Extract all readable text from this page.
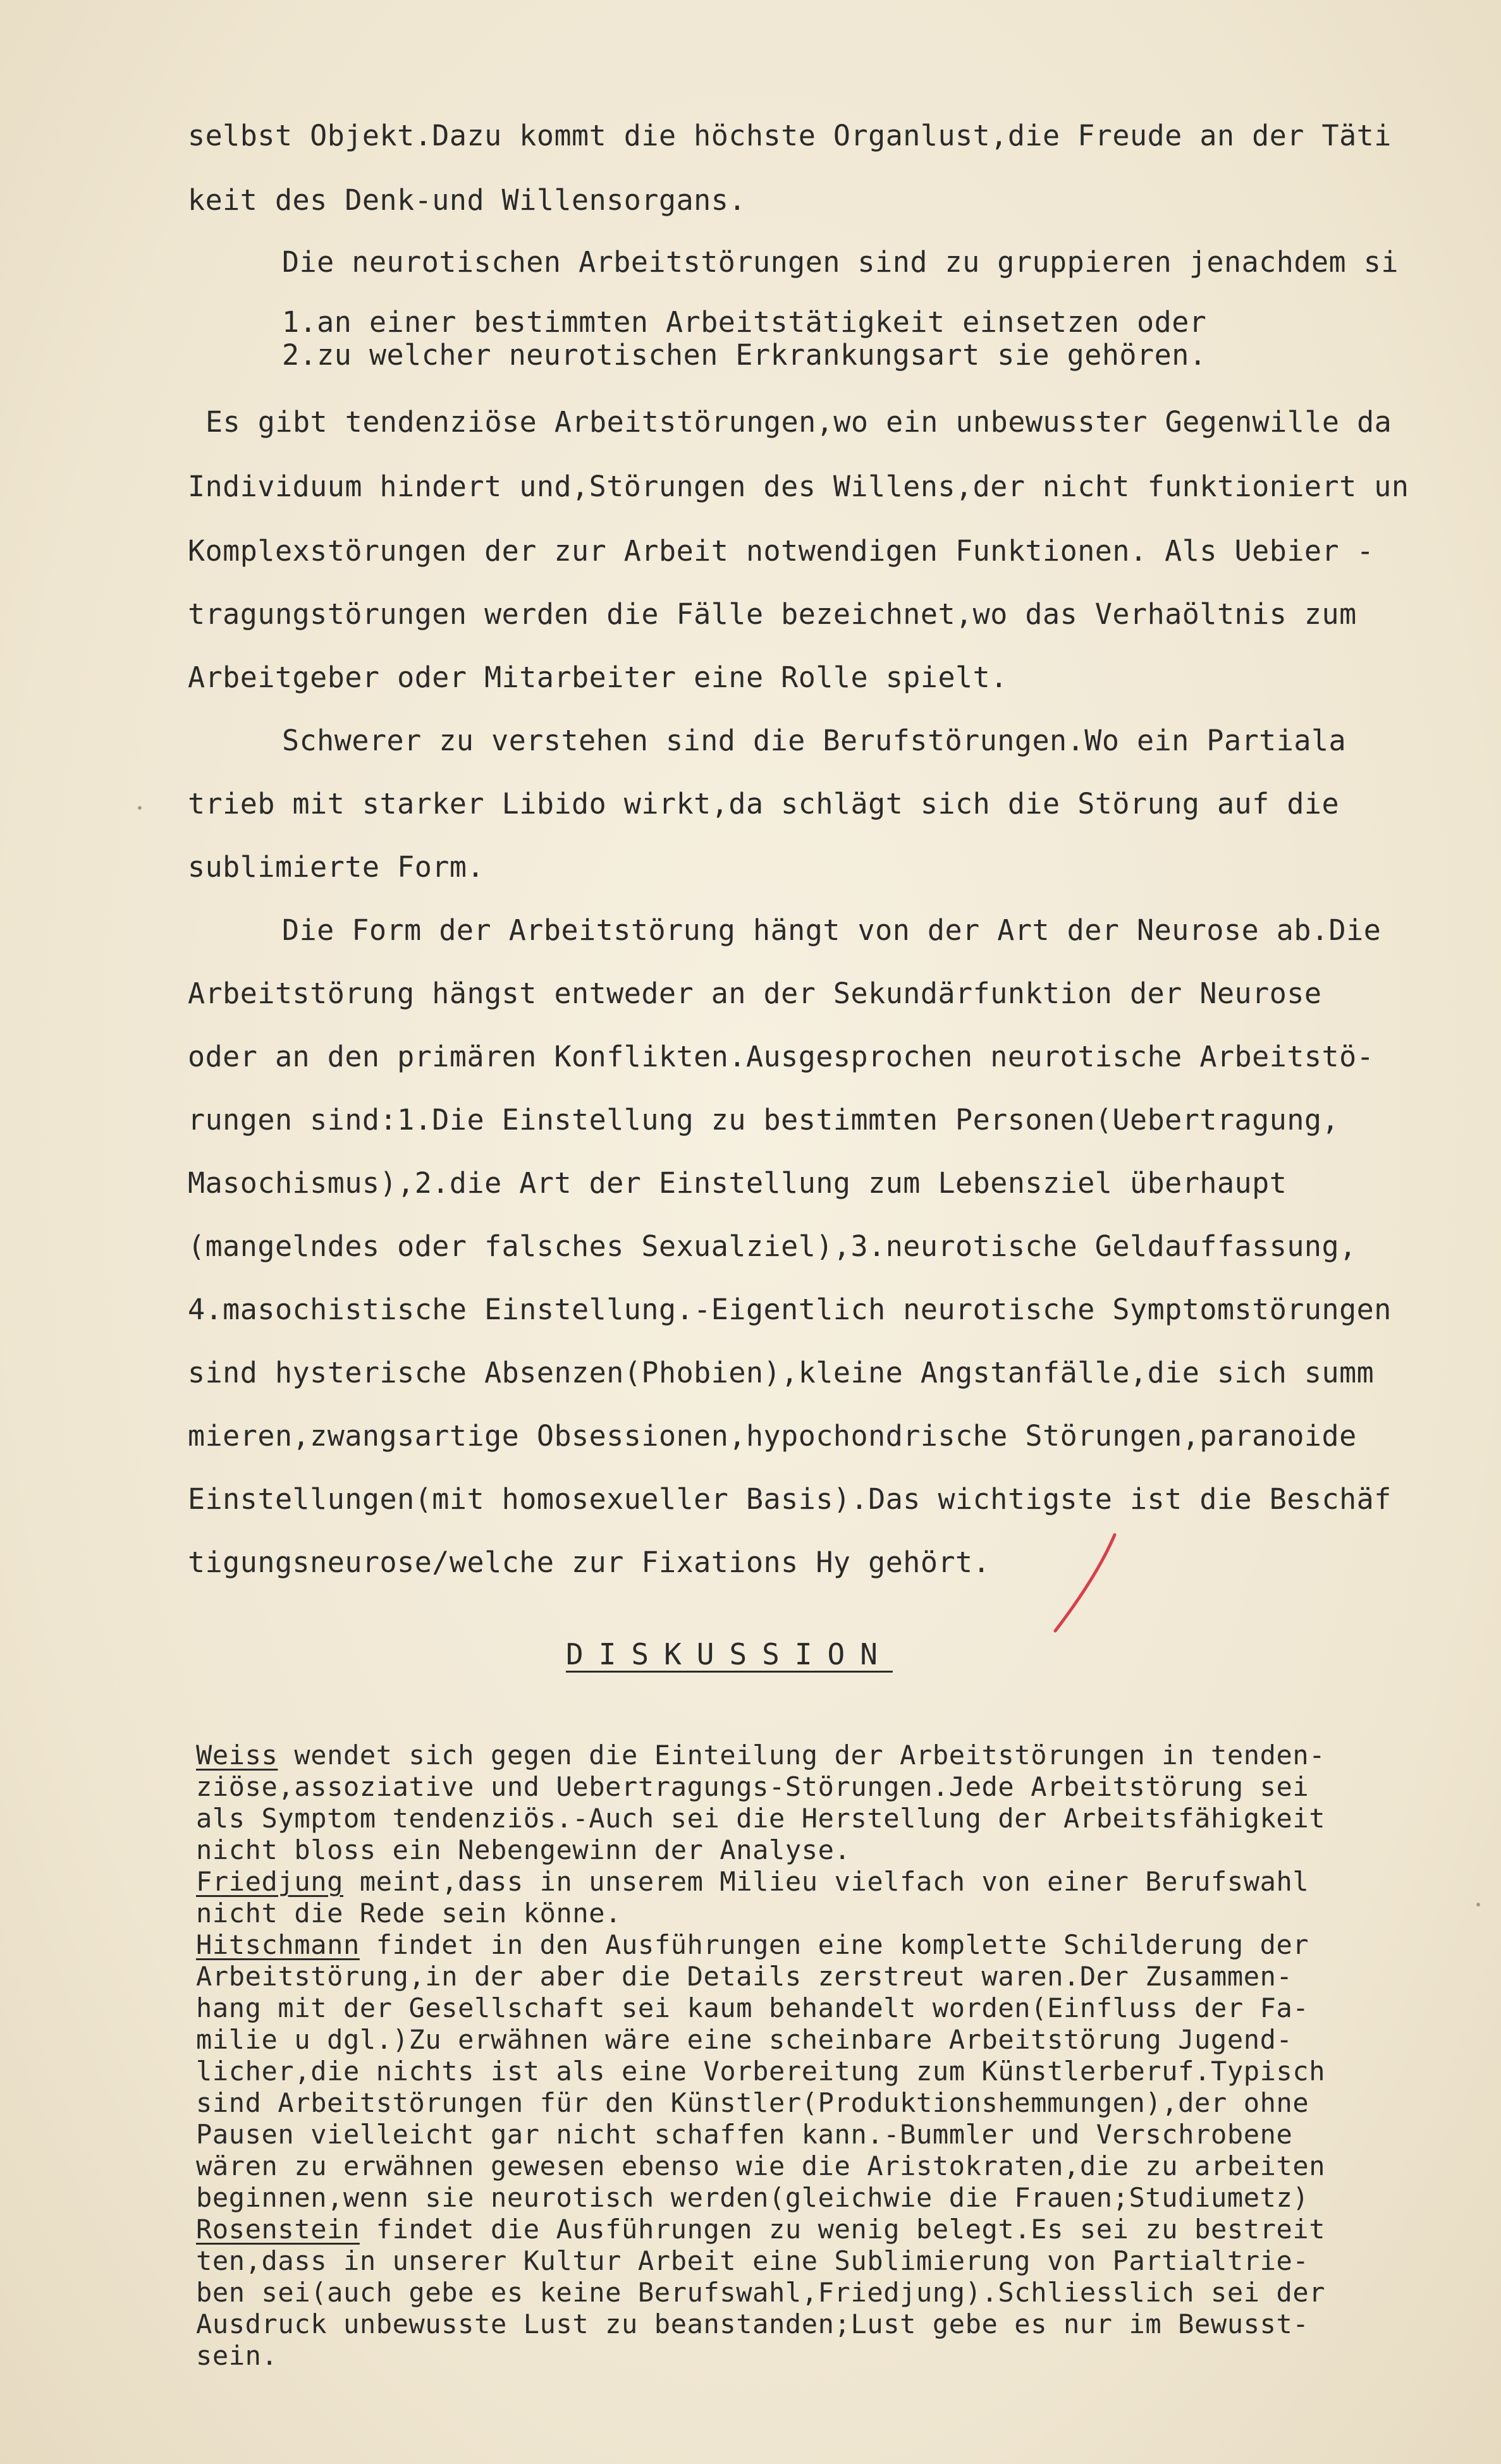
selbst Objekt.Dazu kommt die höchste Organlust,die Freude an der Täti
keit des Denk-und Willensorgans.
Die neurotischen Arbeitstörungen sind zu gruppieren jenachdem si
1.an einer bestimmten Arbeitstätigkeit einsetzen oder
2.zu welcher neurotischen Erkrankungsart sie gehören.
Es gibt tendenziöse Arbeitstörungen,wo ein unbewusster Gegenwille da
Individuum hindert und,Störungen des Willens,der nicht funktioniert un
Komplexstörungen der zur Arbeit notwendigen Funktionen. Als Uebier -
tragungstörungen werden die Fälle bezeichnet,wo das Verhaöltnis zum
Arbeitgeber oder Mitarbeiter eine Rolle spielt.
Schwerer zu verstehen sind die Berufstörungen.Wo ein Partiala
trieb mit starker Libido wirkt,da schlägt sich die Störung auf die
sublimierte Form.
Die Form der Arbeitstörung hängt von der Art der Neurose ab.Die
Arbeitstörung hängst entweder an der Sekundärfunktion der Neurose
oder an den primären Konflikten.Ausgesprochen neurotische Arbeitstö-
rungen sind:1.Die Einstellung zu bestimmten Personen(Uebertragung,
Masochismus),2.die Art der Einstellung zum Lebensziel überhaupt
(mangelndes oder falsches Sexualziel),3.neurotische Geldauffassung,
4.masochistische Einstellung.-Eigentlich neurotische Symptomstörungen
sind hysterische Absenzen(Phobien),kleine Angstanfälle,die sich summ
mieren,zwangsartige Obsessionen,hypochondrische Störungen,paranoide
Einstellungen(mit homosexueller Basis).Das wichtigste ist die Beschäf
tigungsneurose/welche zur Fixations Hy gehört.
DISKUSSION
Weiss wendet sich gegen die Einteilung der Arbeitstörungen in tenden-
ziöse,assoziative und Uebertragungs-Störungen.Jede Arbeitstörung sei
als Symptom tendenziös.-Auch sei die Herstellung der Arbeitsfähigkeit
nicht bloss ein Nebengewinn der Analyse.
Friedjung meint,dass in unserem Milieu vielfach von einer Berufswahl
nicht die Rede sein könne.
Hitschmann findet in den Ausführungen eine komplette Schilderung der
Arbeitstörung,in der aber die Details zerstreut waren.Der Zusammen-
hang mit der Gesellschaft sei kaum behandelt worden(Einfluss der Fa-
milie u dgl.)Zu erwähnen wäre eine scheinbare Arbeitstörung Jugend-
licher,die nichts ist als eine Vorbereitung zum Künstlerberuf.Typisch
sind Arbeitstörungen für den Künstler(Produktionshemmungen),der ohne
Pausen vielleicht gar nicht schaffen kann.-Bummler und Verschrobene
wären zu erwähnen gewesen ebenso wie die Aristokraten,die zu arbeiten
beginnen,wenn sie neurotisch werden(gleichwie die Frauen;Studiumetz)
Rosenstein findet die Ausführungen zu wenig belegt.Es sei zu bestreit
ten,dass in unserer Kultur Arbeit eine Sublimierung von Partialtrie-
ben sei(auch gebe es keine Berufswahl,Friedjung).Schliesslich sei der
Ausdruck unbewusste Lust zu beanstanden;Lust gebe es nur im Bewusst-
sein.
